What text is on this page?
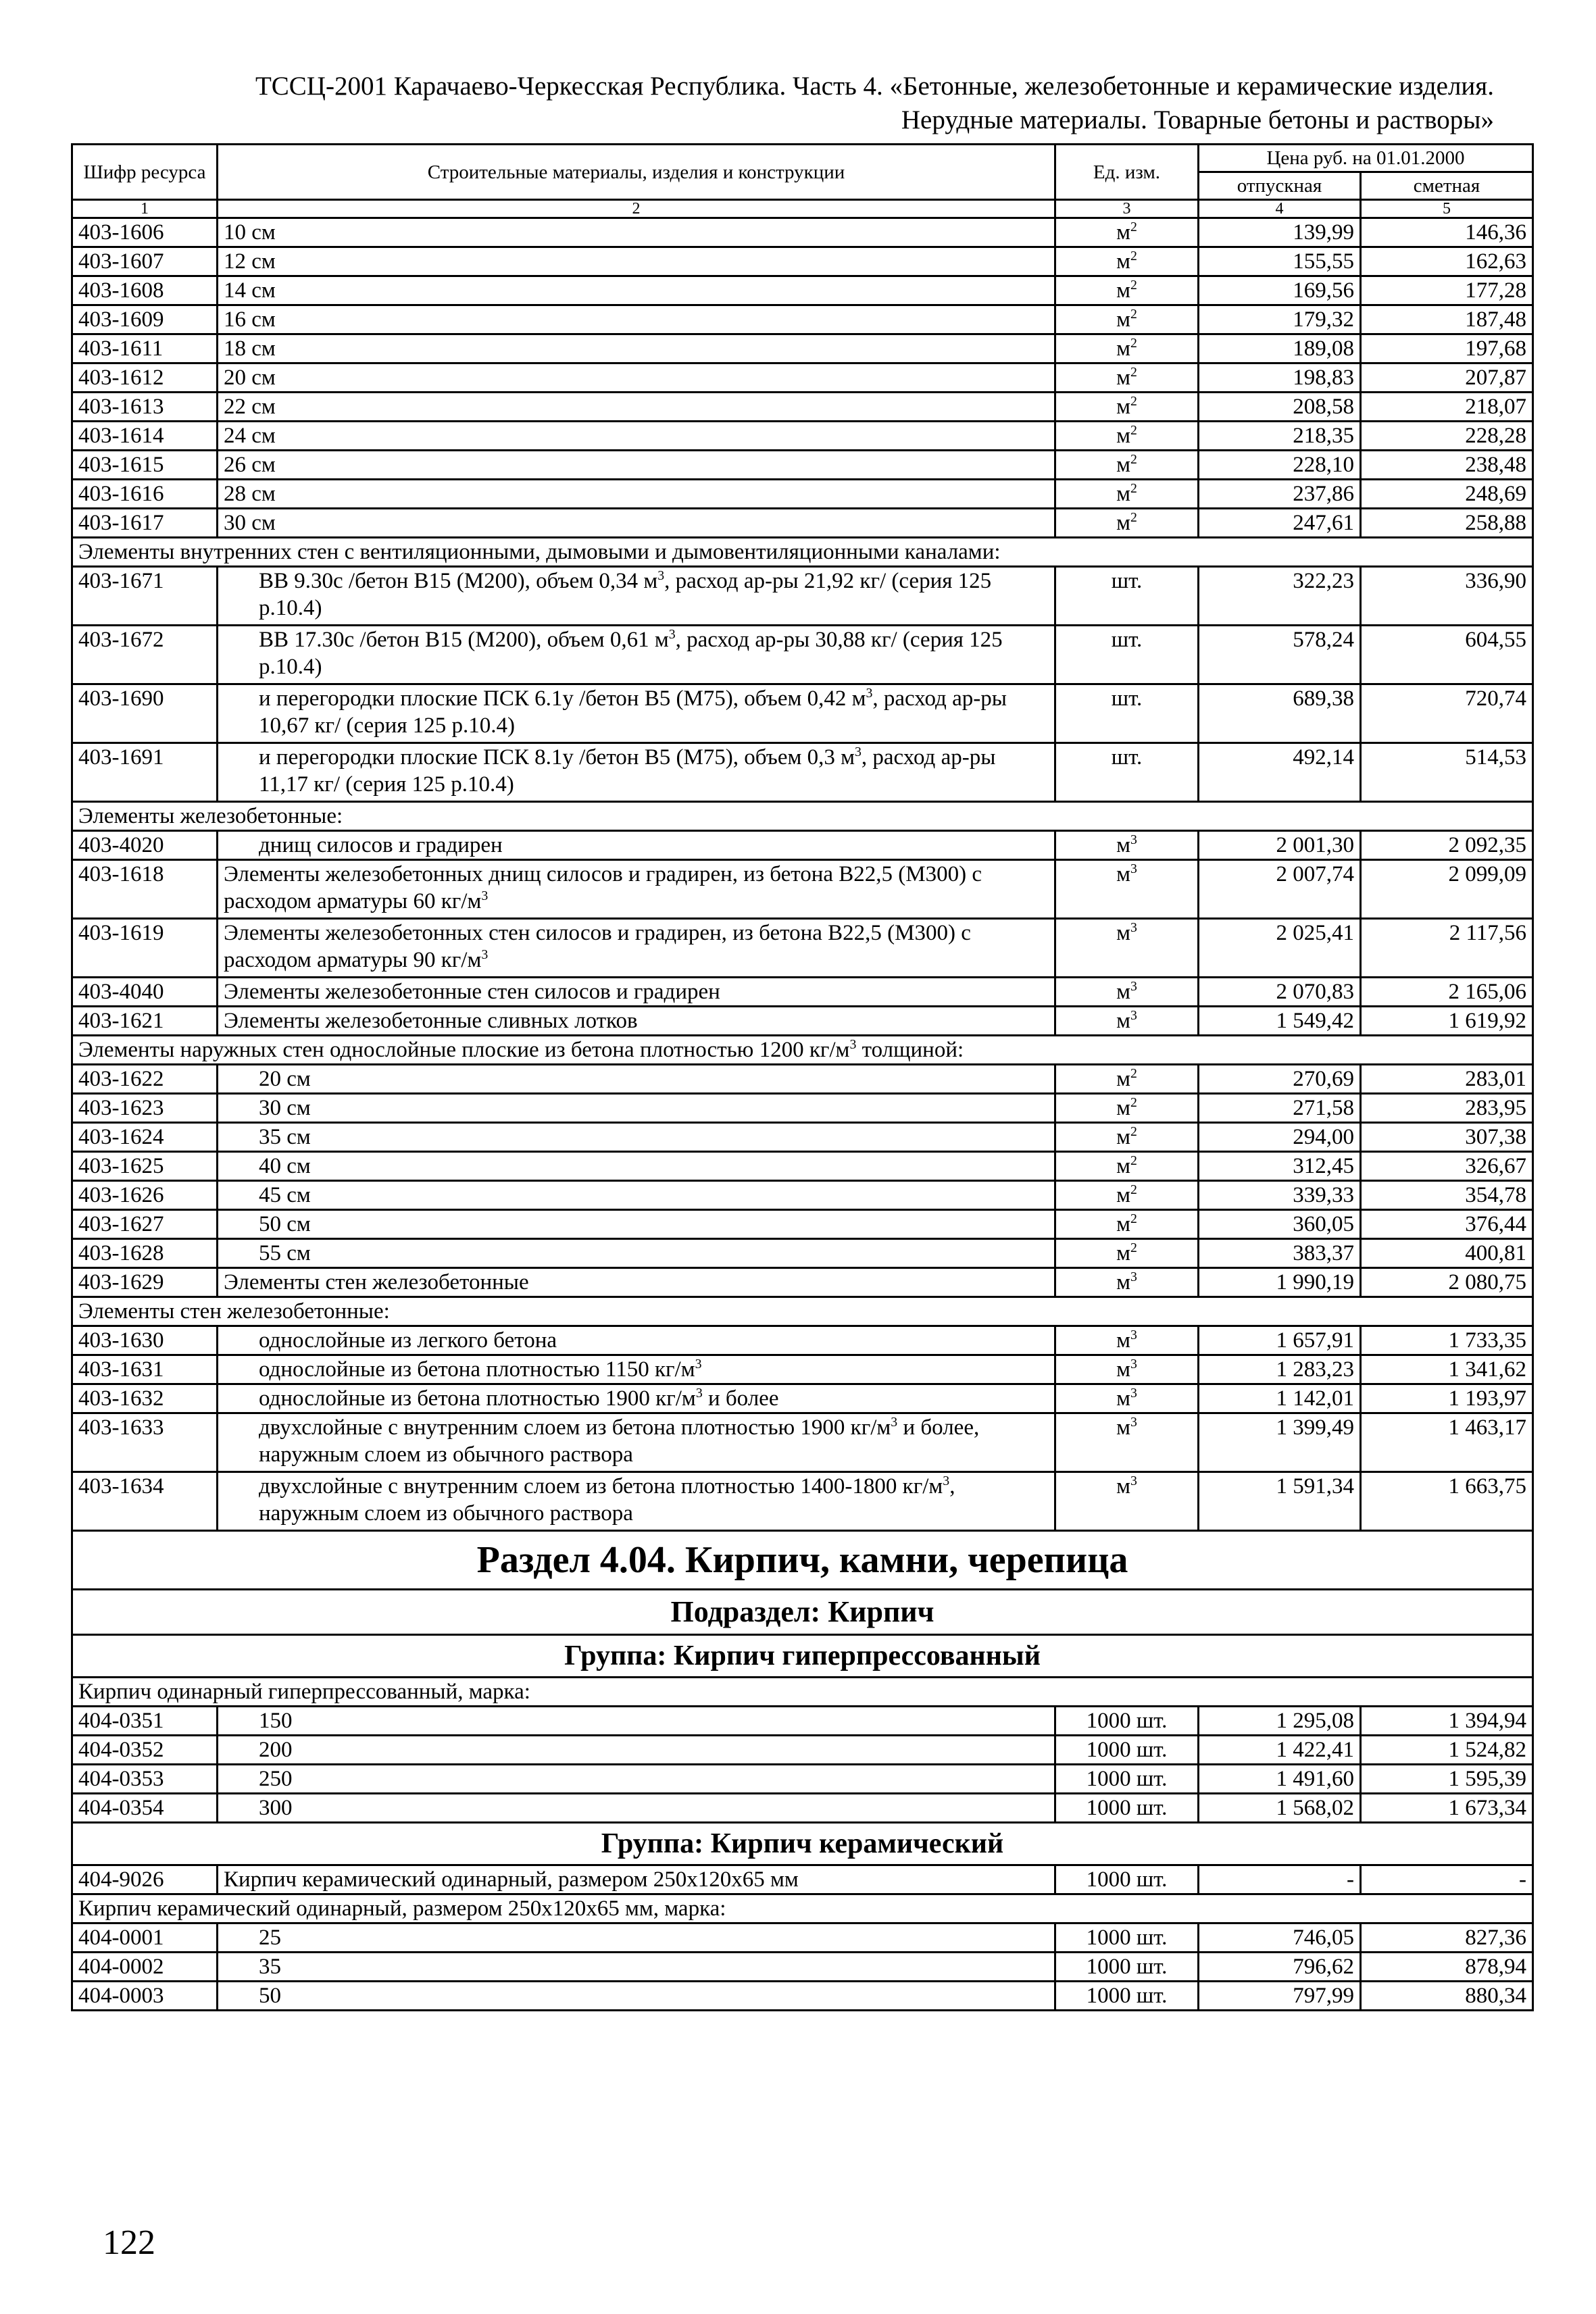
ТССЦ-2001 Карачаево-Черкесская Республика. Часть 4. «Бетонные, железобетонные и керамические изделия.
Нерудные материалы. Товарные бетоны и растворы»
Шифр ресурса	Строительные материалы, изделия и конструкции	Ед. изм.	Цена руб. на 01.01.2000	
			отпускная	сметная
1	2	3	4	5
403-1606	10 см	$м^2$	139,99	146,36
403-1607	12 см	$м^2$	155,55	162,63
403-1608	14 см	$м^2$	169,56	177,28
403-1609	16 см	$м^2$	179,32	187,48
403-1611	18 см	$м^2$	189,08	197,68
403-1612	20 см	$м^2$	198,83	207,87
403-1613	22 см	$м^2$	208,58	218,07
403-1614	24 см	$м^2$	218,35	228,28
403-1615	26 см	$м^2$	228,10	238,48
403-1616	28 см	$м^2$	237,86	248,69
403-1617	30 см	$м^2$	247,61	258,88
Элементы внутренних стен с вентиляционными, дымовыми и дымовентиляционными каналами:				
403-1671	ВВ 9.30с /бетон В15 (М200), объем 0,34 $м^3$, расход ар-ры 21,92 кг/ (серия 125 р.10.4)	шт.	322,23	336,90
403-1672	ВВ 17.30с /бетон В15 (М200), объем 0,61 $м^3$, расход ар-ры 30,88 кг/ (серия 125 р.10.4)	шт.	578,24	604,55
403-1690	и перегородки плоские ПСК 6.1у /бетон В5 (М75), объем 0,42 $м^3$, расход ар-ры 10,67 кг/ (серия 125 р.10.4)	шт.	689,38	720,74
403-1691	и перегородки плоские ПСК 8.1у /бетон В5 (М75), объем 0,3 $м^3$, расход ар-ры 11,17 кг/ (серия 125 р.10.4)	шт.	492,14	514,53
Элементы железобетонные:				
403-4020	днищ силосов и градирен	$м^3$	2 001,30	2 092,35
403-1618	Элементы железобетонных днищ силосов и градирен, из бетона В22,5 (М300) с расходом арматуры 60 $кг/м^3$	$м^3$	2 007,74	2 099,09
403-1619	Элементы железобетонных стен силосов и градирен, из бетона В22,5 (М300) с расходом арматуры 90 $кг/м^3$	$м^3$	2 025,41	2 117,56
403-4040	Элементы железобетонные стен силосов и градирен	$м^3$	2 070,83	2 165,06
403-1621	Элементы железобетонные сливных лотков	$м^3$	1 549,42	1 619,92
Элементы наружных стен однослойные плоские из бетона плотностью 1200 $кг/м^3$ толщиной:				
403-1622	20 см	$м^2$	270,69	283,01
403-1623	30 см	$м^2$	271,58	283,95
403-1624	35 см	$м^2$	294,00	307,38
403-1625	40 см	$м^2$	312,45	326,67
403-1626	45 см	$м^2$	339,33	354,78
403-1627	50 см	$м^2$	360,05	376,44
403-1628	55 см	$м^2$	383,37	400,81
403-1629	Элементы стен железобетонные	$м^3$	1 990,19	2 080,75
Элементы стен железобетонные:				
403-1630	однослойные из легкого бетона	$м^3$	1 657,91	1 733,35
403-1631	однослойные из бетона плотностью 1150 $кг/м^3$	$м^3$	1 283,23	1 341,62
403-1632	однослойные из бетона плотностью 1900 $кг/м^3$ и более	$м^3$	1 142,01	1 193,97
403-1633	двухслойные с внутренним слоем из бетона плотностью 1900 $кг/м^3$ и более, наружным слоем из обычного раствора	$м^3$	1 399,49	1 463,17
403-1634	двухслойные с внутренним слоем из бетона плотностью 1400-1800 $кг/м^3$, наружным слоем из обычного раствора	$м^3$	1 591,34	1 663,75
Раздел 4.04. Кирпич, камни, черепица				
Подраздел: Кирпич				
Группа: Кирпич гиперпрессованный				
Кирпич одинарный гиперпрессованный, марка:				
404-0351	150	1000 шт.	1 295,08	1 394,94
404-0352	200	1000 шт.	1 422,41	1 524,82
404-0353	250	1000 шт.	1 491,60	1 595,39
404-0354	300	1000 шт.	1 568,02	1 673,34
Группа: Кирпич керамический				
404-9026	Кирпич керамический одинарный, размером 250х120х65 мм	1000 шт.	-	-
Кирпич керамический одинарный, размером 250х120х65 мм, марка:				
404-0001	25	1000 шт.	746,05	827,36
404-0002	35	1000 шт.	796,62	878,94
404-0003	50	1000 шт.	797,99	880,34
122
